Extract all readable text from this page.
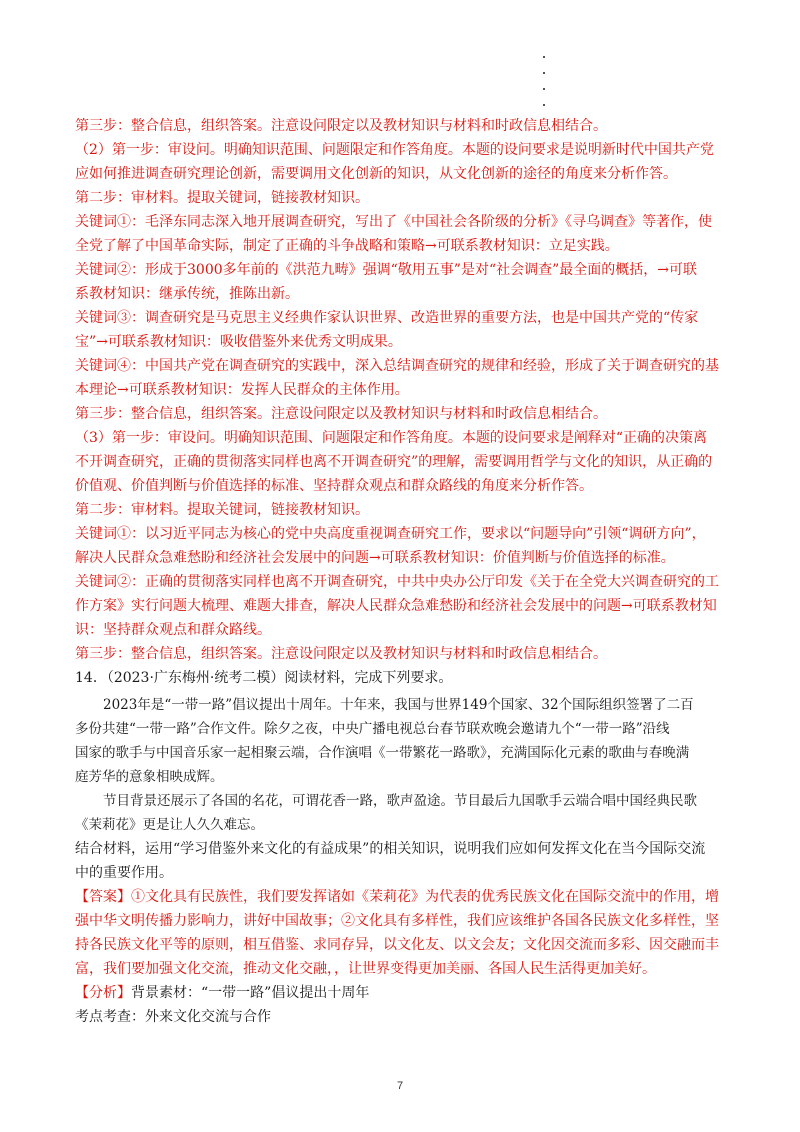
第三步：整合信息，组织答案。注意设问限定以及教材知识与材料和时政信息相结合。
（2）第一步：审设问。明确知识范围、问题限定和作答角度。本题的设问要求是说明新时代中国共产党
应如何推进调查研究理论创新，需要调用文化创新的知识，从文化创新的途径的角度来分析作答。
第二步：审材料。提取关键词，链接教材知识。
关键词①：毛泽东同志深入地开展调查研究，写出了《中国社会各阶级的分析》《寻乌调查》等著作，使
全党了解了中国革命实际，制定了正确的斗争战略和策略→可联系教材知识：立足实践。
关键词②：形成于3000多年前的《洪范九畴》强调“敬用五事”是对“社会调查”最全面的概括，→可联
系教材知识：继承传统，推陈出新。
关键词③：调查研究是马克思主义经典作家认识世界、改造世界的重要方法，也是中国共产党的“传家
宝”→可联系教材知识：吸收借鉴外来优秀文明成果。
关键词④：中国共产党在调查研究的实践中，深入总结调查研究的规律和经验，形成了关于调查研究的基
本理论→可联系教材知识：发挥人民群众的主体作用。
第三步：整合信息，组织答案。注意设问限定以及教材知识与材料和时政信息相结合。
（3）第一步：审设问。明确知识范围、问题限定和作答角度。本题的设问要求是阐释对“正确的决策离
不开调查研究，正确的贯彻落实同样也离不开调查研究”的理解，需要调用哲学与文化的知识，从正确的
价值观、价值判断与价值选择的标准、坚持群众观点和群众路线的角度来分析作答。
第二步：审材料。提取关键词，链接教材知识。
关键词①：以习近平同志为核心的党中央高度重视调查研究工作，要求以“问题导向”引领“调研方向”，
解决人民群众急难愁盼和经济社会发展中的问题→可联系教材知识：价值判断与价值选择的标准。
关键词②：正确的贯彻落实同样也离不开调查研究，中共中央办公厅印发《关于在全党大兴调查研究的工
作方案》实行问题大梳理、难题大排查，解决人民群众急难愁盼和经济社会发展中的问题→可联系教材知
识：坚持群众观点和群众路线。
第三步：整合信息，组织答案。注意设问限定以及教材知识与材料和时政信息相结合。
14．（2023·广东梅州·统考二模）阅读材料，完成下列要求。
2023年是“一带一路”倡议提出十周年。十年来，我国与世界149个国家、32个国际组织签署了二百
多份共建“一带一路”合作文件。除夕之夜，中央广播电视总台春节联欢晚会邀请九个“一带一路”沿线
国家的歌手与中国音乐家一起相聚云端，合作演唱《一带繁花一路歌》，充满国际化元素的歌曲与春晚满
庭芳华的意象相映成辉。
节目背景还展示了各国的名花，可谓花香一路，歌声盈途。节目最后九国歌手云端合唱中国经典民歌
《茉莉花》更是让人久久难忘。
结合材料，运用“学习借鉴外来文化的有益成果”的相关知识，说明我们应如何发挥文化在当今国际交流
中的重要作用。
【答案】①文化具有民族性，我们要发挥诸如《茉莉花》为代表的优秀民族文化在国际交流中的作用，增
强中华文明传播力影响力，讲好中国故事；②文化具有多样性，我们应该维护各国各民族文化多样性，坚
持各民族文化平等的原则，相互借鉴、求同存异，以文化友、以文会友；文化因交流而多彩、因交融而丰
富，我们要加强文化交流，推动文化交融，，让世界变得更加美丽、各国人民生活得更加美好。
【分析】背景素材：“一带一路”倡议提出十周年
考点考查：外来文化交流与合作
7
